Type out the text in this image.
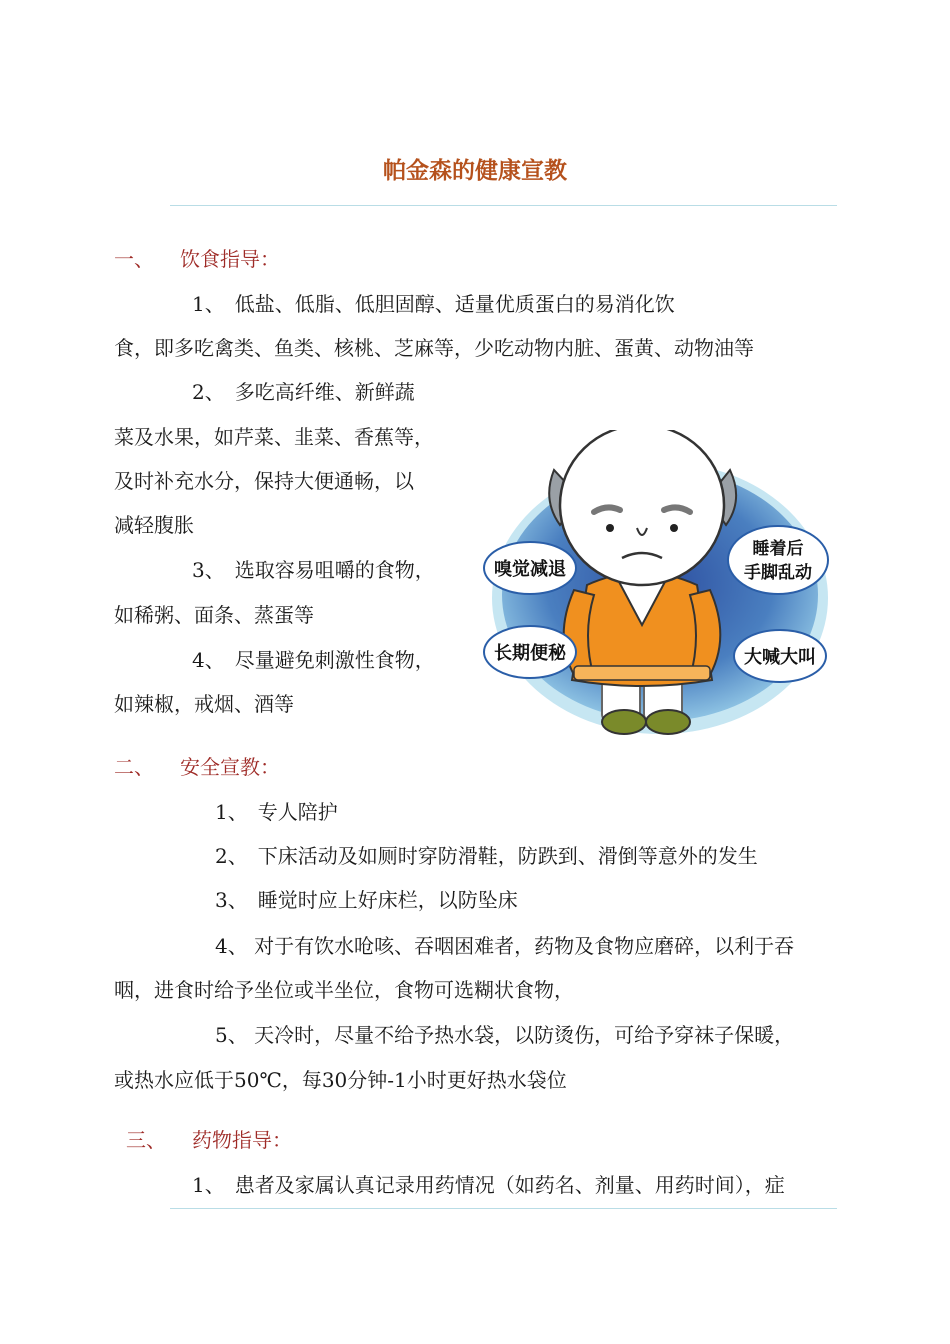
帕金森的健康宣教
一、 饮食指导：
1、　低盐、低脂、低胆固醇、适量优质蛋白的易消化饮
食，即多吃禽类、鱼类、核桃、芝麻等，少吃动物内脏、蛋黄、动物油等
2、　多吃高纤维、新鲜蔬
菜及水果，如芹菜、韭菜、香蕉等，
及时补充水分，保持大便通畅，以
减轻腹胀
3、　选取容易咀嚼的食物，
如稀粥、面条、蒸蛋等
4、　尽量避免刺激性食物，
如辣椒，戒烟、酒等
嗅觉减退
睡着后
手脚乱动
长期便秘	大喊大叫
二、 安全宣教：
1、　专人陪护
2、　下床活动及如厕时穿防滑鞋，防跌到、滑倒等意外的发生
3、　睡觉时应上好床栏，以防坠床
4、 对于有饮水呛咳、吞咽困难者，药物及食物应磨碎，以利于吞
咽，进食时给予坐位或半坐位，食物可选糊状食物，
5、 天冷时，尽量不给予热水袋，以防烫伤，可给予穿袜子保暖，
或热水应低于50℃，每30分钟-1小时更好热水袋位
三、 药物指导：
1、　患者及家属认真记录用药情况（如药名、剂量、用药时间），症
